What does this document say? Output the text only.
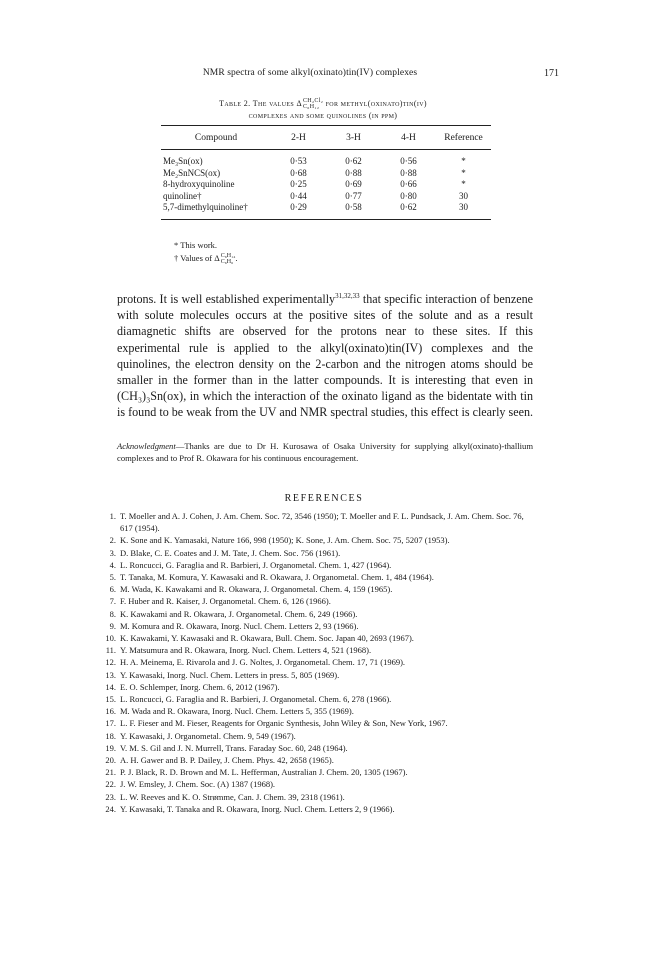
NMR spectra of some alkyl(oxinato)tin(IV) complexes	171
Table 2. The values Δ CH₂Cl₂
C₆H₁₂ for methyl(oxinato)tin(iv)
complexes and some quinolines (in ppm)
Compound	2-H	3-H	4-H	Reference
Me₃Sn(ox)	0·53	0·62	0·56	*
Me₂SnNCS(ox)	0·68	0·88	0·88	*
8-hydroxyquinoline	0·25	0·69	0·66	*
quinoline†	0·44	0·77	0·80	30
5,7-dimethylquinoline†	0·29	0·58	0·62	30
* This work.
† Values of Δ C₆H₁₄
C₆H₆ .

protons. It is well established experimentally$^{31,32,33}$ that specific interaction of benzene with solute molecules occurs at the positive sites of the solute and as a result diamagnetic shifts are observed for the protons near to these sites. If this experimental rule is applied to the alkyl(oxinato)tin(IV) complexes and the quinolines, the electron density on the 2-carbon and the nitrogen atoms should be smaller in the former than in the latter compounds. It is interesting that even in (CH₃)₃Sn(ox), in which the interaction of the oxinato ligand as the bidentate with tin is found to be weak from the UV and NMR spectral studies, this effect is clearly seen.

Acknowledgment—Thanks are due to Dr H. Kurosawa of Osaka University for supplying alkyl(oxinato)-thallium complexes and to Prof R. Okawara for his continuous encouragement.

REFERENCES
1. T. Moeller and A. J. Cohen, J. Am. Chem. Soc. 72, 3546 (1950); T. Moeller and F. L. Pundsack, J. Am. Chem. Soc. 76, 617 (1954).
2. K. Sone and K. Yamasaki, Nature 166, 998 (1950); K. Sone, J. Am. Chem. Soc. 75, 5207 (1953).
3. D. Blake, C. E. Coates and J. M. Tate, J. Chem. Soc. 756 (1961).
4. L. Roncucci, G. Faraglia and R. Barbieri, J. Organometal. Chem. 1, 427 (1964).
5. T. Tanaka, M. Komura, Y. Kawasaki and R. Okawara, J. Organometal. Chem. 1, 484 (1964).
6. M. Wada, K. Kawakami and R. Okawara, J. Organometal. Chem. 4, 159 (1965).
7. F. Huber and R. Kaiser, J. Organometal. Chem. 6, 126 (1966).
8. K. Kawakami and R. Okawara, J. Organometal. Chem. 6, 249 (1966).
9. M. Komura and R. Okawara, Inorg. Nucl. Chem. Letters 2, 93 (1966).
10. K. Kawakami, Y. Kawasaki and R. Okawara, Bull. Chem. Soc. Japan 40, 2693 (1967).
11. Y. Matsumura and R. Okawara, Inorg. Nucl. Chem. Letters 4, 521 (1968).
12. H. A. Meinema, E. Rivarola and J. G. Noltes, J. Organometal. Chem. 17, 71 (1969).
13. Y. Kawasaki, Inorg. Nucl. Chem. Letters in press. 5, 805 (1969).
14. E. O. Schlemper, Inorg. Chem. 6, 2012 (1967).
15. L. Roncucci, G. Faraglia and R. Barbieri, J. Organometal. Chem. 6, 278 (1966).
16. M. Wada and R. Okawara, Inorg. Nucl. Chem. Letters 5, 355 (1969).
17. L. F. Fieser and M. Fieser, Reagents for Organic Synthesis, John Wiley & Son, New York, 1967.
18. Y. Kawasaki, J. Organometal. Chem. 9, 549 (1967).
19. V. M. S. Gil and J. N. Murrell, Trans. Faraday Soc. 60, 248 (1964).
20. A. H. Gawer and B. P. Dailey, J. Chem. Phys. 42, 2658 (1965).
21. P. J. Black, R. D. Brown and M. L. Hefferman, Australian J. Chem. 20, 1305 (1967).
22. J. W. Emsley, J. Chem. Soc. (A) 1387 (1968).
23. L. W. Reeves and K. O. Strømme, Can. J. Chem. 39, 2318 (1961).
24. Y. Kawasaki, T. Tanaka and R. Okawara, Inorg. Nucl. Chem. Letters 2, 9 (1966).
